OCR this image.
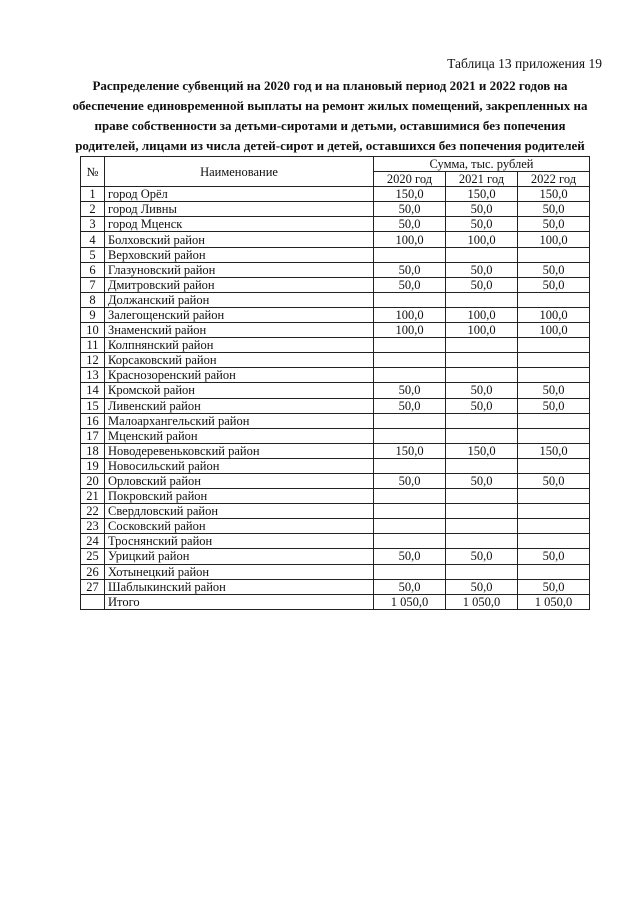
Таблица 13 приложения 19
Распределение субвенций на 2020 год и на плановый период 2021 и 2022 годов на обеспечение единовременной выплаты на ремонт жилых помещений, закрепленных на праве собственности за детьми-сиротами и детьми, оставшимися без попечения родителей, лицами из числа детей-сирот и детей, оставшихся без попечения родителей
№	Наименование	Сумма, тыс. рублей		
		2020 год	2021 год	2022 год
1	город Орёл	150,0	150,0	150,0
2	город Ливны	50,0	50,0	50,0
3	город Мценск	50,0	50,0	50,0
4	Болховский район	100,0	100,0	100,0
5	Верховский район			
6	Глазуновский район	50,0	50,0	50,0
7	Дмитровский район	50,0	50,0	50,0
8	Должанский район			
9	Залегощенский район	100,0	100,0	100,0
10	Знаменский район	100,0	100,0	100,0
11	Колпнянский район			
12	Корсаковский район			
13	Краснозоренский район			
14	Кромской район	50,0	50,0	50,0
15	Ливенский район	50,0	50,0	50,0
16	Малоархангельский район			
17	Мценский район			
18	Новодеревеньковский район	150,0	150,0	150,0
19	Новосильский район			
20	Орловский район	50,0	50,0	50,0
21	Покровский район			
22	Свердловский район			
23	Сосковский район			
24	Троснянский район			
25	Урицкий район	50,0	50,0	50,0
26	Хотынецкий район			
27	Шаблыкинский район	50,0	50,0	50,0
	Итого	1 050,0	1 050,0	1 050,0
